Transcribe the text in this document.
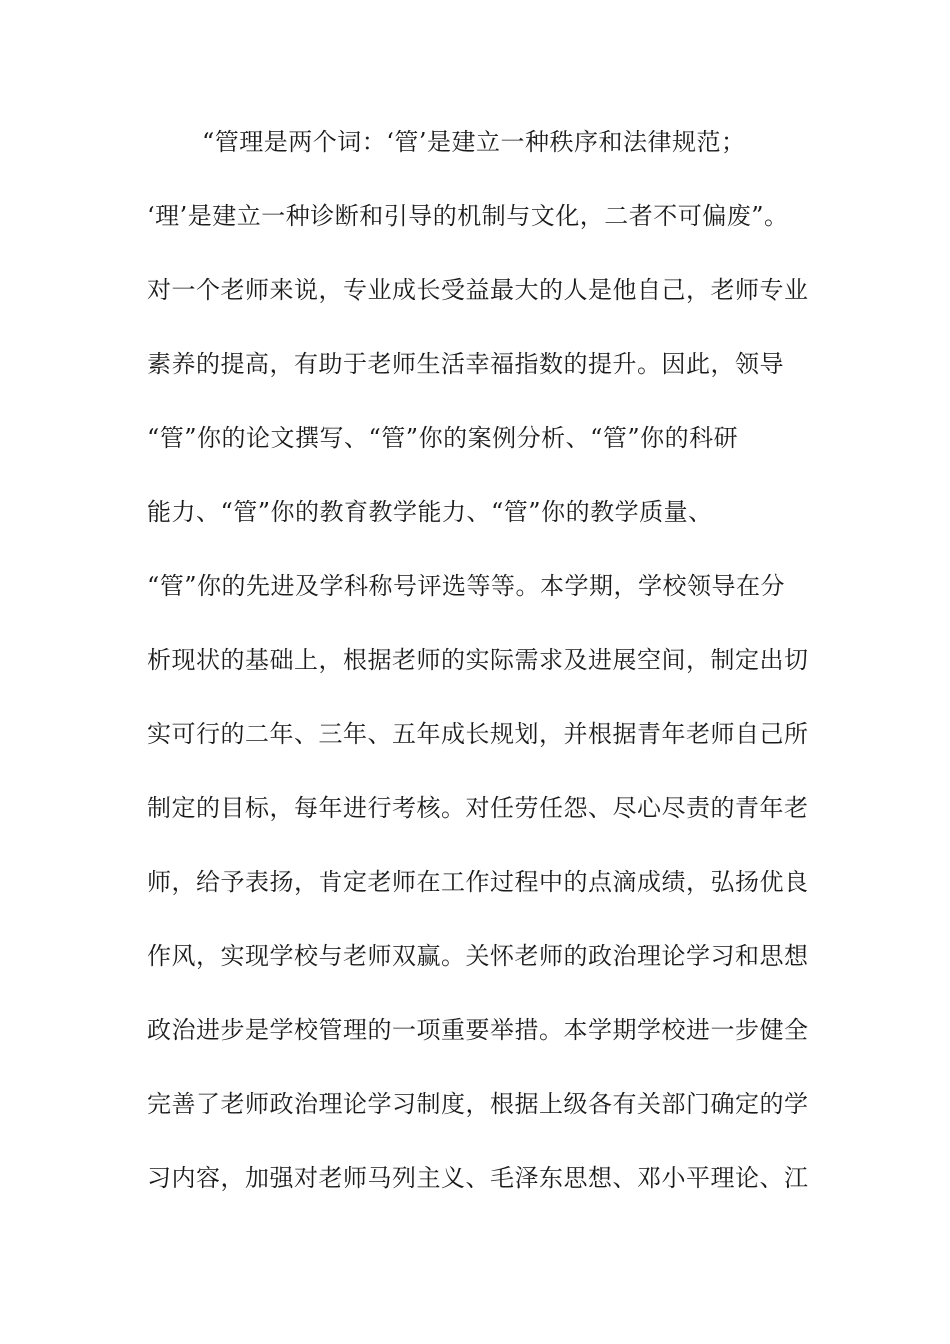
“管理是两个词：‘管’是建立一种秩序和法律规范；
‘理’是建立一种诊断和引导的机制与文化，二者不可偏废”。
对一个老师来说，专业成长受益最大的人是他自己，老师专业
素养的提高，有助于老师生活幸福指数的提升。因此，领导
“管”你的论文撰写、“管”你的案例分析、“管”你的科研
能力、“管”你的教育教学能力、“管”你的教学质量、
“管”你的先进及学科称号评选等等。本学期，学校领导在分
析现状的基础上，根据老师的实际需求及进展空间，制定出切
实可行的二年、三年、五年成长规划，并根据青年老师自己所
制定的目标，每年进行考核。对任劳任怨、尽心尽责的青年老
师，给予表扬，肯定老师在工作过程中的点滴成绩，弘扬优良
作风，实现学校与老师双赢。关怀老师的政治理论学习和思想
政治进步是学校管理的一项重要举措。本学期学校进一步健全
完善了老师政治理论学习制度，根据上级各有关部门确定的学
习内容，加强对老师马列主义、毛泽东思想、邓小平理论、江
